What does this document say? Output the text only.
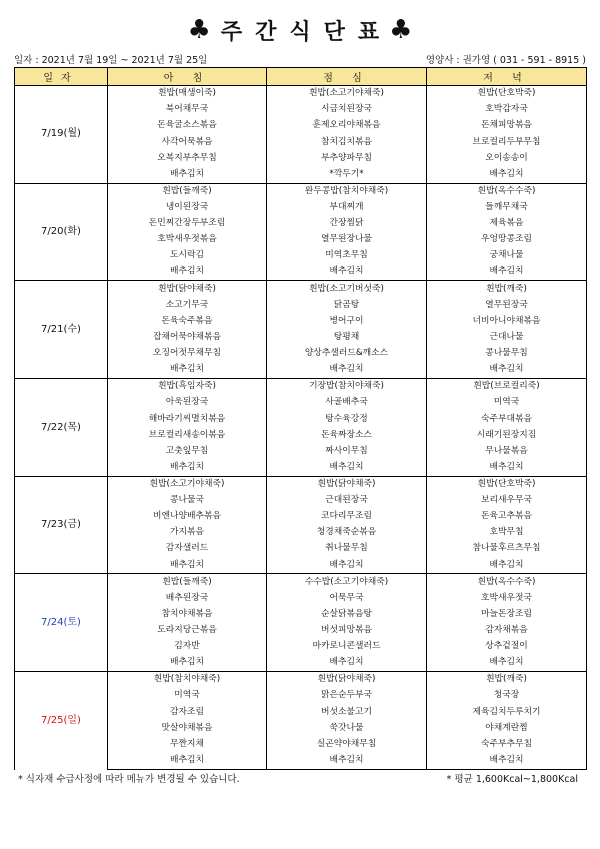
♣ 주간식단표
♣
일자 : 2021년 7월 19일 ~ 2021년 7월 25일	영양사 : 권가영 ( 031 - 591 - 8915 )
일자	아 침	점 심	저 녁
7/19(월)	흰밥(매생이죽)	흰밥(소고기야채죽)	흰밥(단호박죽)
	북어채무국	시금치된장국	호박감자국
	돈육굴소스볶음	훈제오리야채볶음	돈채피망볶음
	사각어묵볶음	참치김치볶음	브로컬리두부무침
	오복지부추무침	부추양파무침	오이송송이
	배추김치	*깍두기*	배추김치
7/20(화)	흰밥(들깨죽)	완두콩밥(참치야채죽)	흰밥(옥수수죽)
	냉이된장국	부대찌개	들깨무채국
	돈민찌간장두부조림	간장찜닭	제육볶음
	호박새우젓볶음	열무된장나물	우엉땅콩조림
	도시락김	미역초무침	궁채나물
	배추김치	배추김치	배추김치
7/21(수)	흰밥(닭야채죽)	흰밥(소고기버섯죽)	흰밥(깨죽)
	소고기무국	닭곰탕	열무된장국
	돈육숙주볶음	병어구이	너비아니야채볶음
	잡채어묵야채볶음	탕평채	근대나물
	오징어젓무채무침	양상추샐러드&깨소스	콩나물무침
	배추김치	배추김치	배추김치
7/22(목)	흰밥(흑임자죽)	기장밥(참치야채죽)	흰밥(브로컬리죽)
	아욱된장국	사골배추국	미역국
	해바라기씨멸치볶음	탕수육강정	숙주부대볶음
	브로컬리새송이볶음	돈육짜장소스	시래기된장지짐
	고춧잎무침	짜사이무침	무나물볶음
	배추김치	배추김치	배추김치
7/23(금)	흰밥(소고기야채죽)	흰밥(닭야채죽)	흰밥(단호박죽)
	콩나물국	근대된장국	보리새우무국
	비엔나양배추볶음	코다리무조림	돈육고추볶음
	가지볶음	청경채죽순볶음	호박무침
	감자샐러드	취나물무침	참나물후르츠무침
	배추김치	배추김치	배추김치
7/24(토)	흰밥(들깨죽)	수수밥(소고기야채죽)	흰밥(옥수수죽)
	배추된장국	어묵무국	호박새우젓국
	참치야채볶음	순살닭볶음탕	마늘돈장조림
	도라지당근볶음	버섯피망볶음	감자채볶음
	김자반	마카로니콘샐러드	상추겉절이
	배추김치	배추김치	배추김치
7/25(일)	흰밥(참치야채죽)	흰밥(닭야채죽)	흰밥(깨죽)
	미역국	맑은순두부국	청국장
	감자조림	버섯소불고기	제육김치두루치기
	맛살야채볶음	쑥갓나물	야채계란찜
	무짠지채	실곤약야채무침	숙주부추무침
	배추김치	배추김치	배추김치
* 식자재 수급사정에 따라 메뉴가 변경될 수 있습니다.	* 평균 1,600Kcal~1,800Kcal
